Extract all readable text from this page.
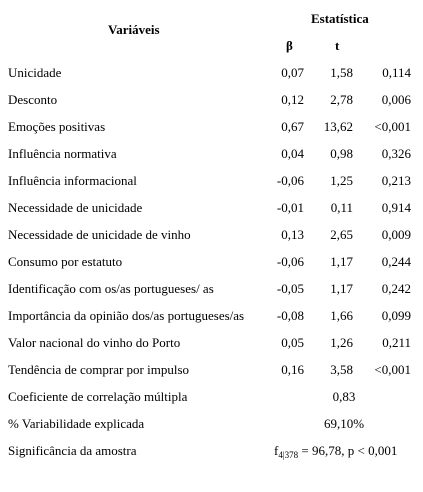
Variáveis
Estatística
β	t
Unicidade	0,07	1,58	0,114
Desconto	0,12	2,78	0,006
Emoções positivas	0,67	13,62	<0,001
Influência normativa	0,04	0,98	0,326
Influência informacional	-0,06	1,25	0,213
Necessidade de unicidade	-0,01	0,11	0,914
Necessidade de unicidade de vinho	0,13	2,65	0,009
Consumo por estatuto	-0,06	1,17	0,244
Identificação com os/as portugueses/ as	-0,05	1,17	0,242
Importância da opinião dos/as portugueses/as	-0,08	1,66	0,099
Valor nacional do vinho do Porto	0,05	1,26	0,211
Tendência de comprar por impulso	0,16	3,58	<0,001
Coeficiente de correlação múltipla	0,83
% Variabilidade explicada	69,10%
Significância da amostra	$f_{4|378} = 96,78$, p < 0,001
